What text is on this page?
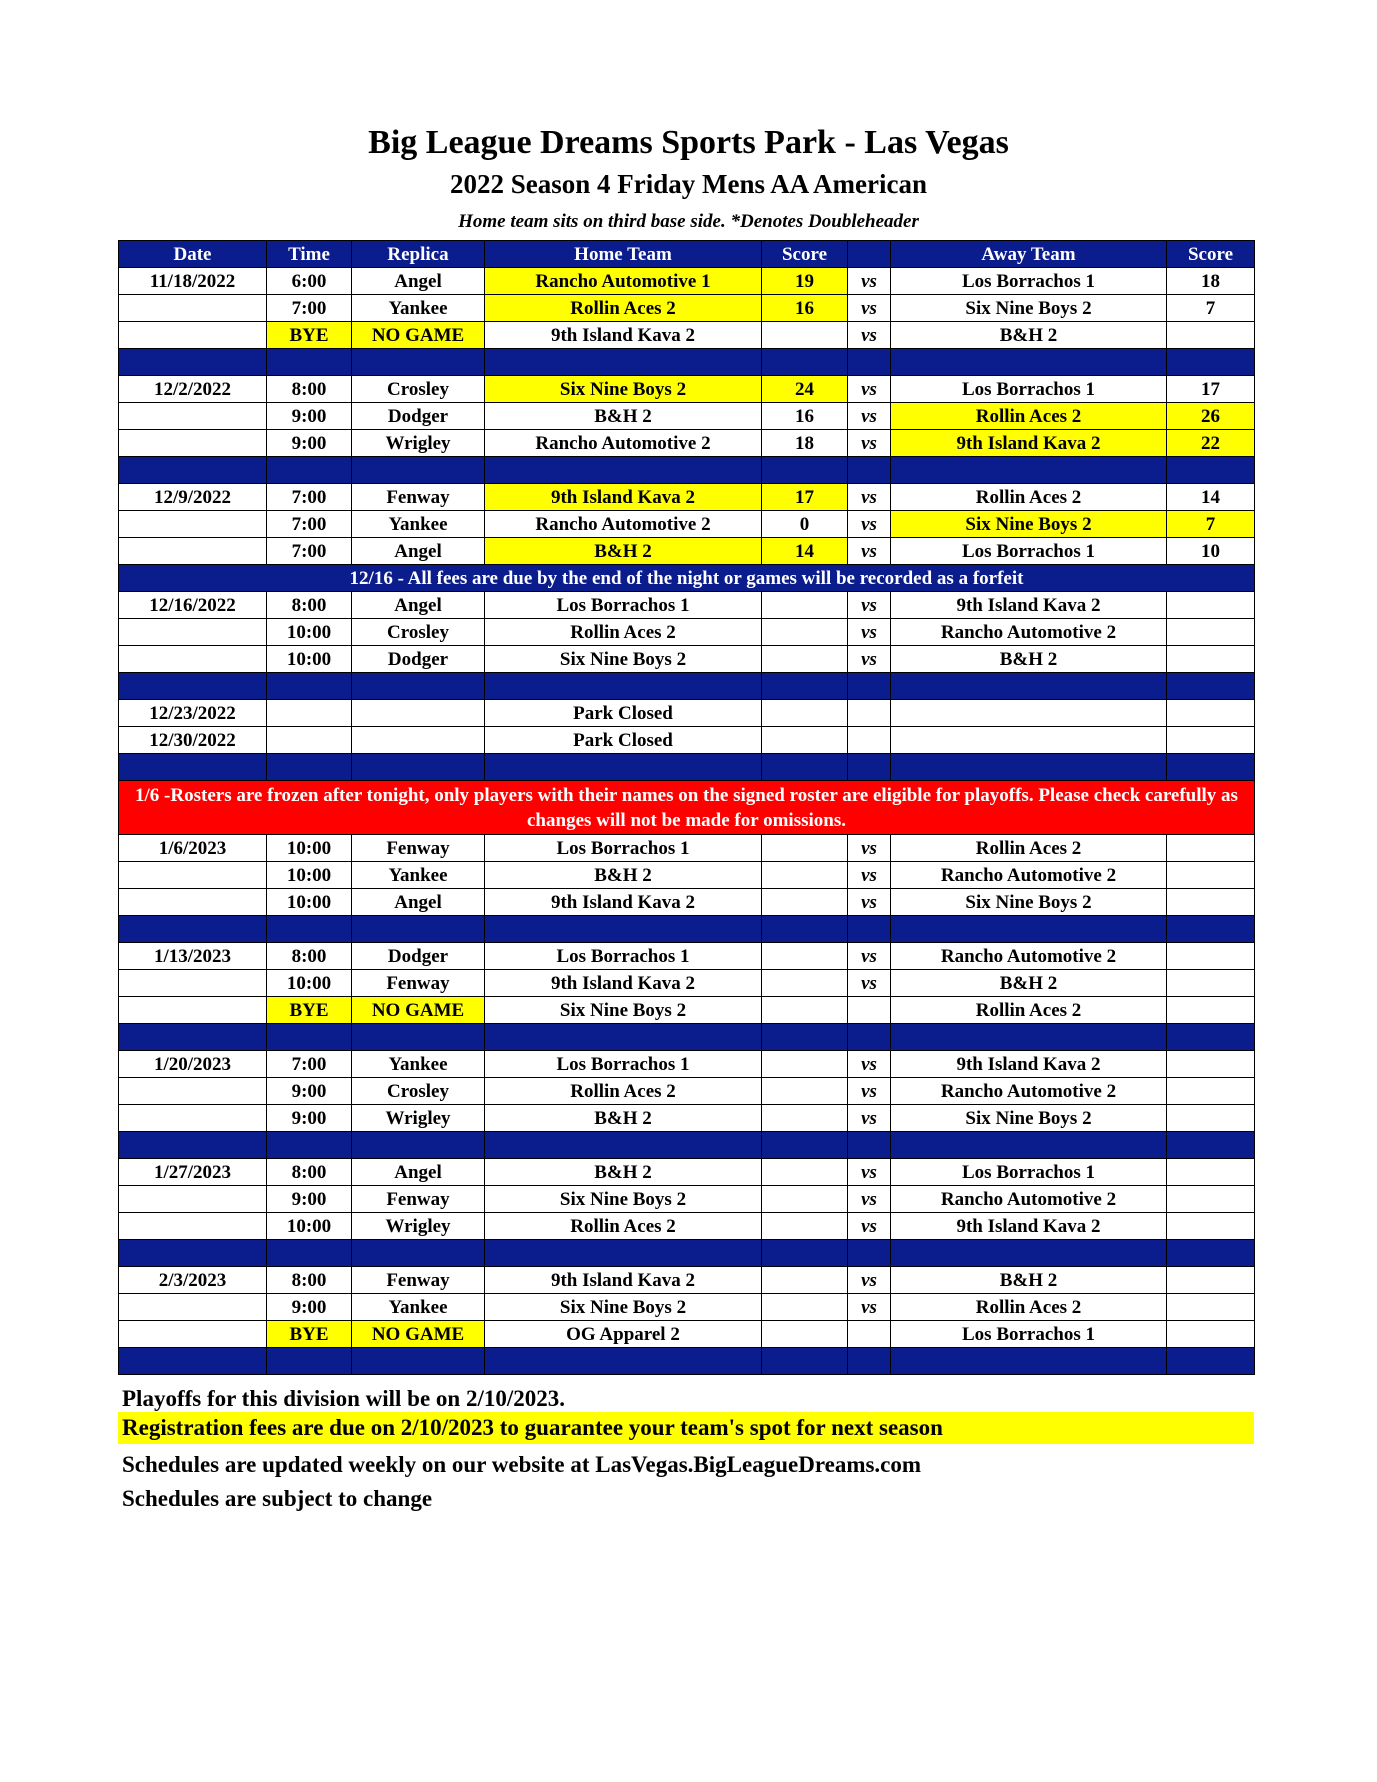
Big League Dreams Sports Park - Las Vegas
2022 Season 4 Friday Mens AA American
Home team sits on third base side. *Denotes Doubleheader
Date	Time	Replica	Home Team	Score		Away Team	Score
11/18/2022	6:00	Angel	Rancho Automotive 1	19	vs	Los Borrachos 1	18
	7:00	Yankee	Rollin Aces 2	16	vs	Six Nine Boys 2	7
	BYE	NO GAME	9th Island Kava 2		vs	B&H 2	

12/2/2022	8:00	Crosley	Six Nine Boys 2	24	vs	Los Borrachos 1	17
	9:00	Dodger	B&H 2	16	vs	Rollin Aces 2	26
	9:00	Wrigley	Rancho Automotive 2	18	vs	9th Island Kava 2	22

12/9/2022	7:00	Fenway	9th Island Kava 2	17	vs	Rollin Aces 2	14
	7:00	Yankee	Rancho Automotive 2	0	vs	Six Nine Boys 2	7
	7:00	Angel	B&H 2	14	vs	Los Borrachos 1	10
12/16 - All fees are due by the end of the night or games will be recorded as a forfeit							
12/16/2022	8:00	Angel	Los Borrachos 1		vs	9th Island Kava 2	
	10:00	Crosley	Rollin Aces 2		vs	Rancho Automotive 2	
	10:00	Dodger	Six Nine Boys 2		vs	B&H 2	

12/23/2022			Park Closed				
12/30/2022			Park Closed				

1/6 -Rosters are frozen after tonight, only players with their names on the signed roster are eligible for playoffs. Please check carefully as changes will not be made for omissions.							
1/6/2023	10:00	Fenway	Los Borrachos 1		vs	Rollin Aces 2	
	10:00	Yankee	B&H 2		vs	Rancho Automotive 2	
	10:00	Angel	9th Island Kava 2		vs	Six Nine Boys 2	

1/13/2023	8:00	Dodger	Los Borrachos 1		vs	Rancho Automotive 2	
	10:00	Fenway	9th Island Kava 2		vs	B&H 2	
	BYE	NO GAME	Six Nine Boys 2			Rollin Aces 2	

1/20/2023	7:00	Yankee	Los Borrachos 1		vs	9th Island Kava 2	
	9:00	Crosley	Rollin Aces 2		vs	Rancho Automotive 2	
	9:00	Wrigley	B&H 2		vs	Six Nine Boys 2	

1/27/2023	8:00	Angel	B&H 2		vs	Los Borrachos 1	
	9:00	Fenway	Six Nine Boys 2		vs	Rancho Automotive 2	
	10:00	Wrigley	Rollin Aces 2		vs	9th Island Kava 2	

2/3/2023	8:00	Fenway	9th Island Kava 2		vs	B&H 2	
	9:00	Yankee	Six Nine Boys 2		vs	Rollin Aces 2	
	BYE	NO GAME	OG Apparel 2			Los Borrachos 1	

Playoffs for this division will be on 2/10/2023.
Registration fees are due on 2/10/2023 to guarantee your team's spot for next season
Schedules are updated weekly on our website at LasVegas.BigLeagueDreams.com
Schedules are subject to change
